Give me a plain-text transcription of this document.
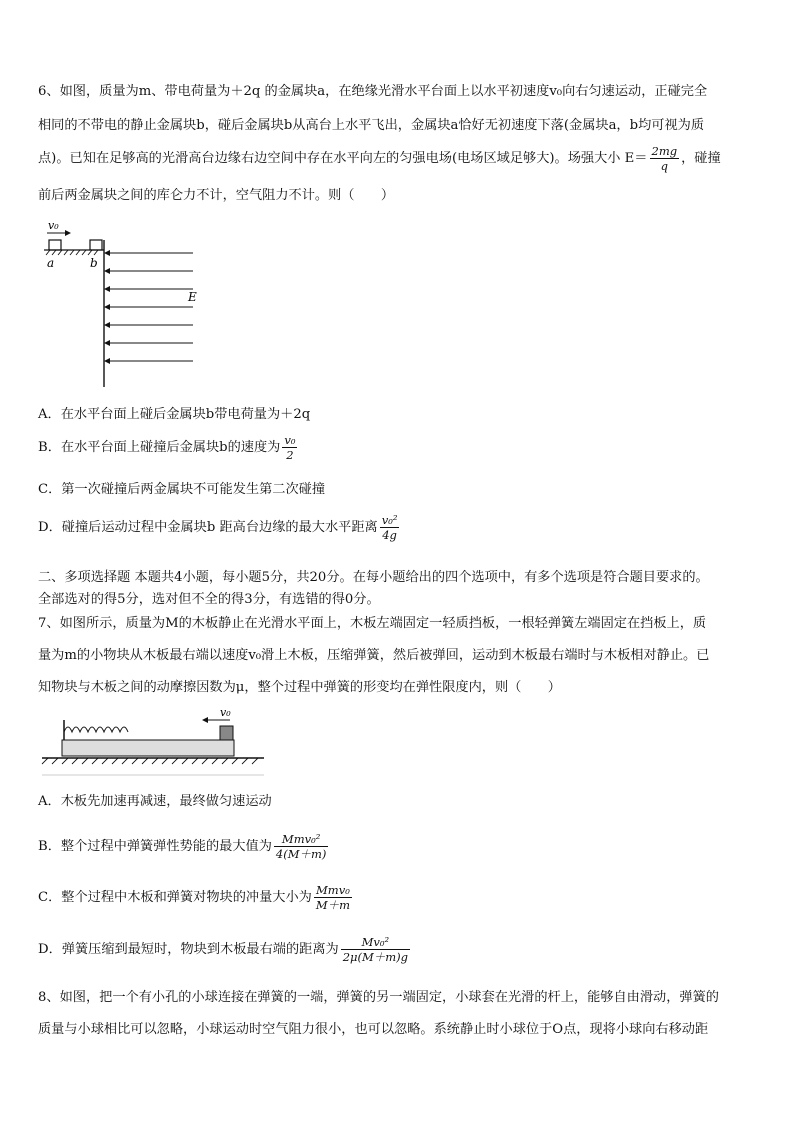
6、如图，质量为m、带电荷量为＋2q 的金属块a，在绝缘光滑水平台面上以水平初速度v₀向右匀速运动，正碰完全
相同的不带电的静止金属块b，碰后金属块b从高台上水平飞出，金属块a恰好无初速度下落(金属块a，b均可视为质
点)。已知在足够高的光滑高台边缘右边空间中存在水平向左的匀强电场(电场区域足够大)。场强大小 $E= \frac{2mg}{q}$ ，碰撞
前后两金属块之间的库仑力不计，空气阻力不计。则（　　）
v₀
a	b
E
A．在水平台面上碰后金属块b带电荷量为＋2q
B．在水平台面上碰撞后金属块b的速度为 $\frac{\text{v₀}}{2}$
C．第一次碰撞后两金属块不可能发生第二次碰撞
D．碰撞后运动过程中金属块b 距高台边缘的最大水平距离 $\frac{\text{v₀²}}{4g}$
二、多项选择题 本题共4小题，每小题5分，共20分。在每小题给出的四个选项中，有多个选项是符合题目要求的。
全部选对的得5分，选对但不全的得3分，有选错的得0分。
7、如图所示，质量为M的木板静止在光滑水平面上，木板左端固定一轻质挡板，一根轻弹簧左端固定在挡板上，质
量为m的小物块从木板最右端以速度v₀滑上木板，压缩弹簧，然后被弹回，运动到木板最右端时与木板相对静止。已
知物块与木板之间的动摩擦因数为μ，整个过程中弹簧的形变均在弹性限度内，则（　　）
v₀
A．木板先加速再减速，最终做匀速运动
B．整个过程中弹簧弹性势能的最大值为 $\frac{\text{Mmv₀²}}{4(M+m)}$
C．整个过程中木板和弹簧对物块的冲量大小为 $\frac{\text{Mmv₀}}{M+m}$
D．弹簧压缩到最短时，物块到木板最右端的距离为 $\frac{\text{Mv₀²}}{2\mu(M+m)g}$
8、如图，把一个有小孔的小球连接在弹簧的一端，弹簧的另一端固定，小球套在光滑的杆上，能够自由滑动，弹簧的
质量与小球相比可以忽略，小球运动时空气阻力很小，也可以忽略。系统静止时小球位于O点，现将小球向右移动距
